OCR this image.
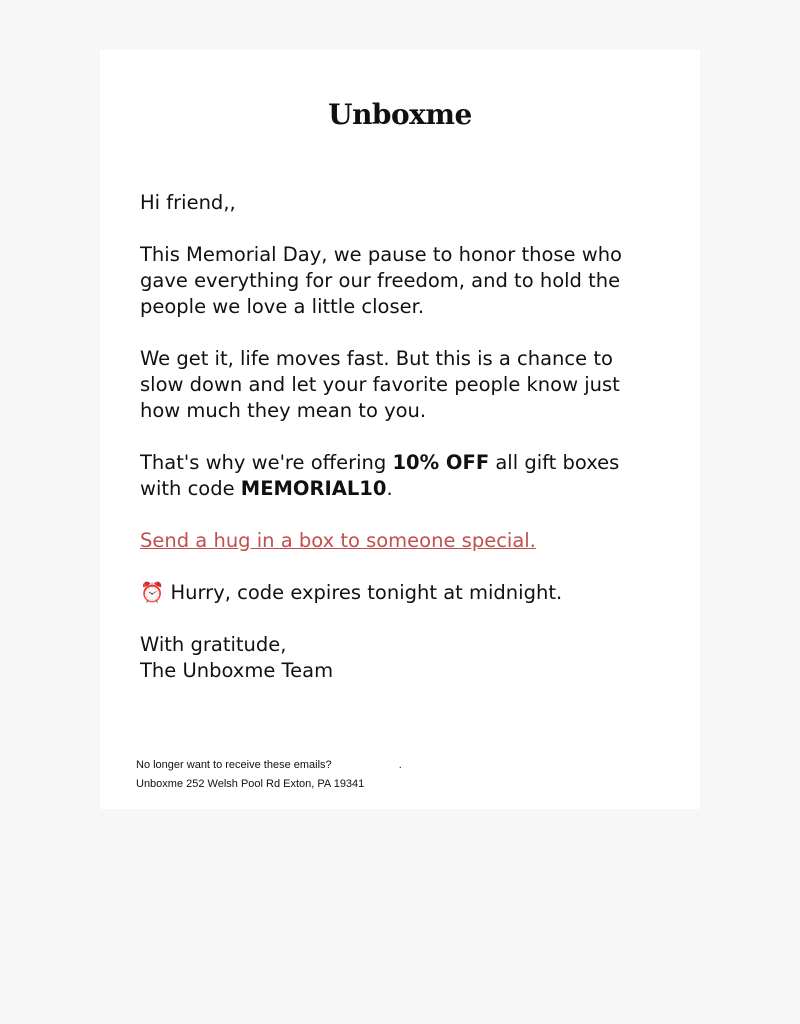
Unboxme

Hi friend,,

This Memorial Day, we pause to honor those who gave everything for our freedom, and to hold the people we love a little closer.

We get it, life moves fast. But this is a chance to slow down and let your favorite people know just how much they mean to you.

That's why we're offering 10% OFF all gift boxes with code MEMORIAL10.

Send a hug in a box to someone special.

⏰ Hurry, code expires tonight at midnight.

With gratitude,

The Unboxme Team

No longer want to receive these emails? Unsubscribe .
Unboxme 252 Welsh Pool Rd Exton, PA 19341
